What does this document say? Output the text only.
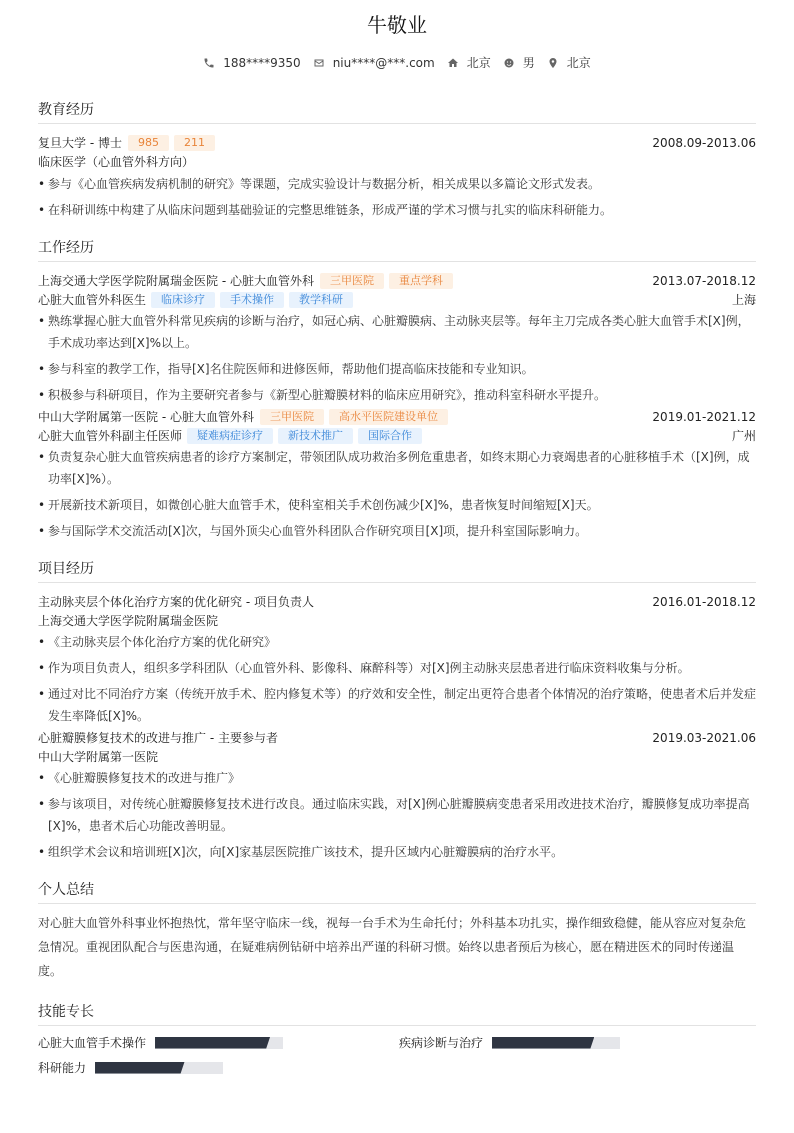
牛敬业
188****9350	niu****@***.com	北京	男	北京
教育经历
复旦大学 - 博士	985	211	2008.09-2013.06
临床医学（心血管外科方向）
• 参与《心血管疾病发病机制的研究》等课题，完成实验设计与数据分析，相关成果以多篇论文形式发表。
• 在科研训练中构建了从临床问题到基础验证的完整思维链条，形成严谨的学术习惯与扎实的临床科研能力。
工作经历
上海交通大学医学院附属瑞金医院 - 心脏大血管外科	三甲医院	重点学科	2013.07-2018.12
心脏大血管外科医生	临床诊疗	手术操作	教学科研	上海
• 熟练掌握心脏大血管外科常见疾病的诊断与治疗，如冠心病、心脏瓣膜病、主动脉夹层等。每年主刀完成各类心脏大血管手术[X]例，手术成功率达到[X]%以上。
• 参与科室的教学工作，指导[X]名住院医师和进修医师，帮助他们提高临床技能和专业知识。
• 积极参与科研项目，作为主要研究者参与《新型心脏瓣膜材料的临床应用研究》，推动科室科研水平提升。
中山大学附属第一医院 - 心脏大血管外科	三甲医院	高水平医院建设单位	2019.01-2021.12
心脏大血管外科副主任医师	疑难病症诊疗	新技术推广	国际合作	广州
• 负责复杂心脏大血管疾病患者的诊疗方案制定，带领团队成功救治多例危重患者，如终末期心力衰竭患者的心脏移植手术（[X]例，成功率[X]%）。
• 开展新技术新项目，如微创心脏大血管手术，使科室相关手术创伤减少[X]%，患者恢复时间缩短[X]天。
• 参与国际学术交流活动[X]次，与国外顶尖心血管外科团队合作研究项目[X]项，提升科室国际影响力。
项目经历
主动脉夹层个体化治疗方案的优化研究 - 项目负责人	2016.01-2018.12
上海交通大学医学院附属瑞金医院
• 《主动脉夹层个体化治疗方案的优化研究》
• 作为项目负责人，组织多学科团队（心血管外科、影像科、麻醉科等）对[X]例主动脉夹层患者进行临床资料收集与分析。
• 通过对比不同治疗方案（传统开放手术、腔内修复术等）的疗效和安全性，制定出更符合患者个体情况的治疗策略，使患者术后并发症发生率降低[X]%。
心脏瓣膜修复技术的改进与推广 - 主要参与者	2019.03-2021.06
中山大学附属第一医院
• 《心脏瓣膜修复技术的改进与推广》
• 参与该项目，对传统心脏瓣膜修复技术进行改良。通过临床实践，对[X]例心脏瓣膜病变患者采用改进技术治疗，瓣膜修复成功率提高[X]%，患者术后心功能改善明显。
• 组织学术会议和培训班[X]次，向[X]家基层医院推广该技术，提升区域内心脏瓣膜病的治疗水平。
个人总结
对心脏大血管外科事业怀抱热忱，常年坚守临床一线，视每一台手术为生命托付；外科基本功扎实，操作细致稳健，能从容应对复杂危急情况。重视团队配合与医患沟通，在疑难病例钻研中培养出严谨的科研习惯。始终以患者预后为核心，愿在精进医术的同时传递温度。
技能专长
心脏大血管手术操作	疾病诊断与治疗
科研能力
